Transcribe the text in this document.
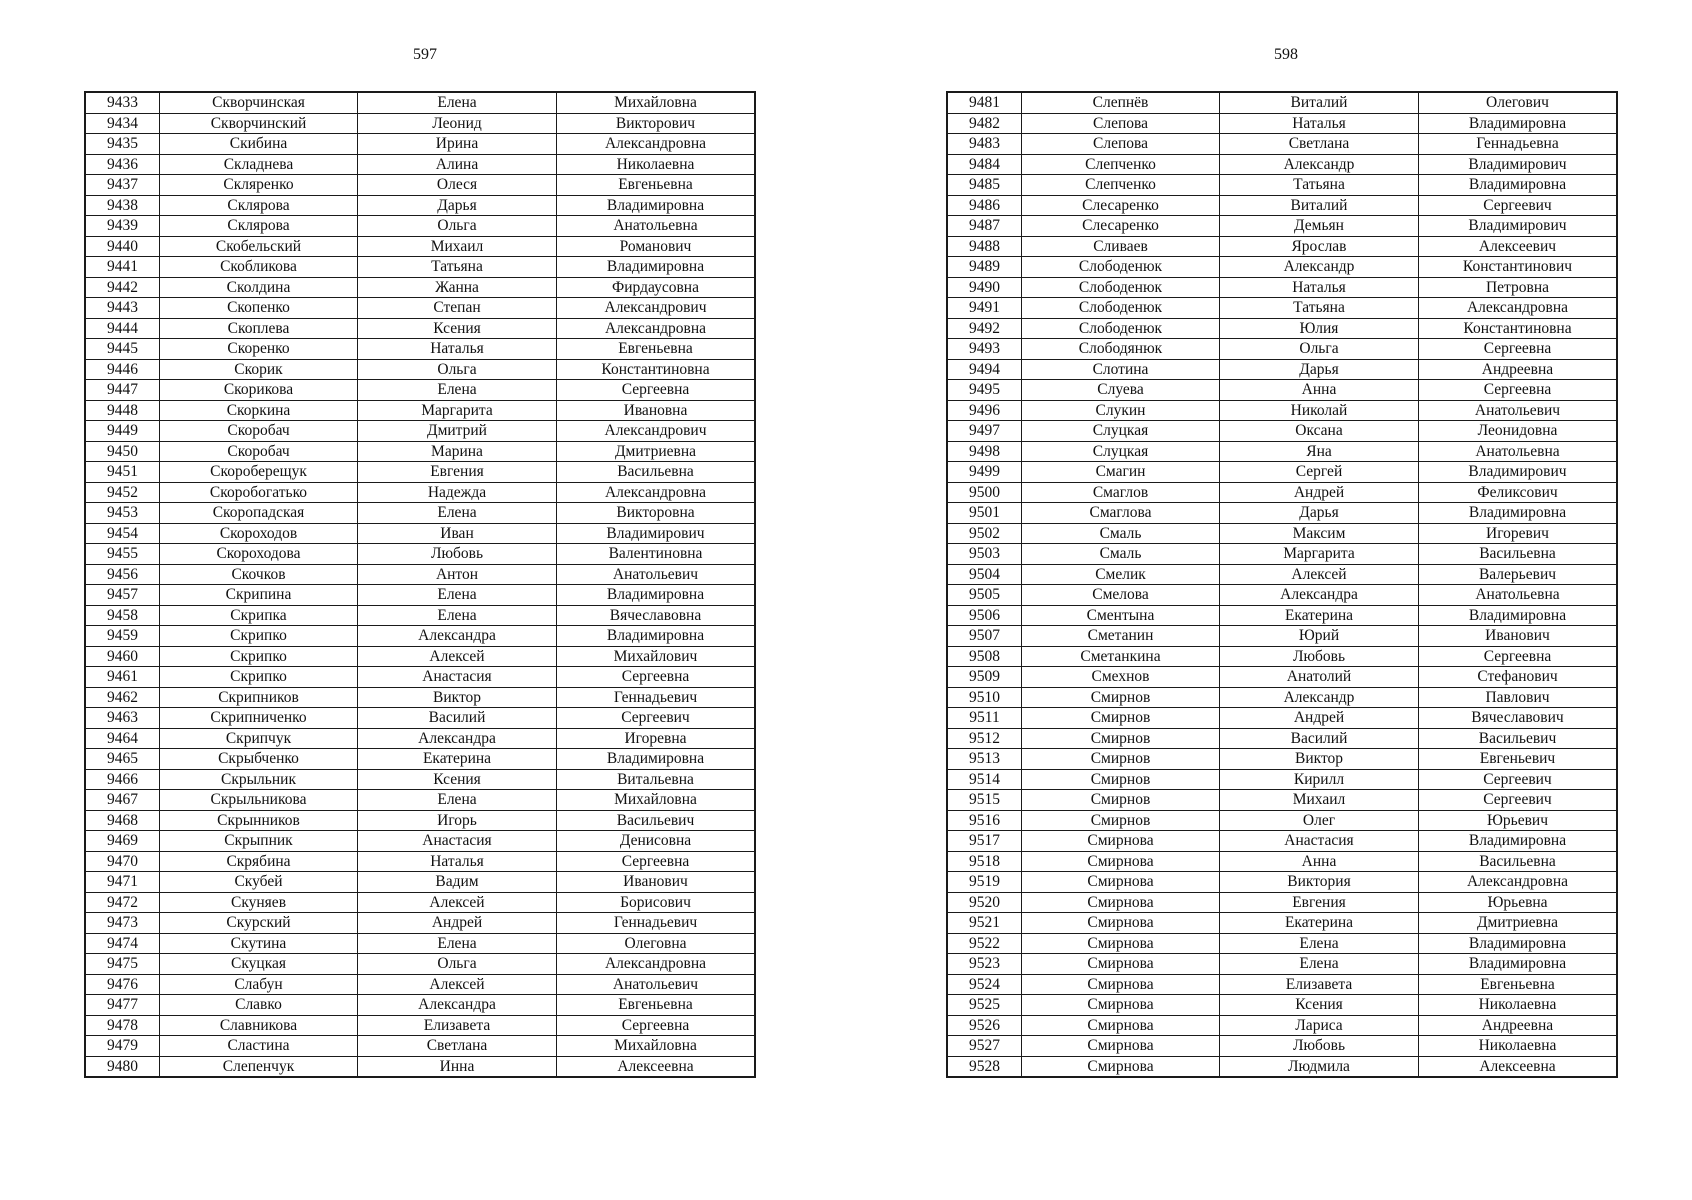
597	598
9433	Скворчинская	Елена	Михайловна
9434	Скворчинский	Леонид	Викторович
9435	Скибина	Ирина	Александровна
9436	Складнева	Алина	Николаевна
9437	Скляренко	Олеся	Евгеньевна
9438	Склярова	Дарья	Владимировна
9439	Склярова	Ольга	Анатольевна
9440	Скобельский	Михаил	Романович
9441	Скобликова	Татьяна	Владимировна
9442	Сколдина	Жанна	Фирдаусовна
9443	Скопенко	Степан	Александрович
9444	Скоплева	Ксения	Александровна
9445	Скоренко	Наталья	Евгеньевна
9446	Скорик	Ольга	Константиновна
9447	Скорикова	Елена	Сергеевна
9448	Скоркина	Маргарита	Ивановна
9449	Скоробач	Дмитрий	Александрович
9450	Скоробач	Марина	Дмитриевна
9451	Скороберещук	Евгения	Васильевна
9452	Скоробогатько	Надежда	Александровна
9453	Скоропадская	Елена	Викторовна
9454	Скороходов	Иван	Владимирович
9455	Скороходова	Любовь	Валентиновна
9456	Скочков	Антон	Анатольевич
9457	Скрипина	Елена	Владимировна
9458	Скрипка	Елена	Вячеславовна
9459	Скрипко	Александра	Владимировна
9460	Скрипко	Алексей	Михайлович
9461	Скрипко	Анастасия	Сергеевна
9462	Скрипников	Виктор	Геннадьевич
9463	Скрипниченко	Василий	Сергеевич
9464	Скрипчук	Александра	Игоревна
9465	Скрыбченко	Екатерина	Владимировна
9466	Скрыльник	Ксения	Витальевна
9467	Скрыльникова	Елена	Михайловна
9468	Скрынников	Игорь	Васильевич
9469	Скрыпник	Анастасия	Денисовна
9470	Скрябина	Наталья	Сергеевна
9471	Скубей	Вадим	Иванович
9472	Скуняев	Алексей	Борисович
9473	Скурский	Андрей	Геннадьевич
9474	Скутина	Елена	Олеговна
9475	Скуцкая	Ольга	Александровна
9476	Слабун	Алексей	Анатольевич
9477	Славко	Александра	Евгеньевна
9478	Славникова	Елизавета	Сергеевна
9479	Сластина	Светлана	Михайловна
9480	Слепенчук	Инна	Алексеевна
9481	Слепнёв	Виталий	Олегович
9482	Слепова	Наталья	Владимировна
9483	Слепова	Светлана	Геннадьевна
9484	Слепченко	Александр	Владимирович
9485	Слепченко	Татьяна	Владимировна
9486	Слесаренко	Виталий	Сергеевич
9487	Слесаренко	Демьян	Владимирович
9488	Сливаев	Ярослав	Алексеевич
9489	Слободенюк	Александр	Константинович
9490	Слободенюк	Наталья	Петровна
9491	Слободенюк	Татьяна	Александровна
9492	Слободенюк	Юлия	Константиновна
9493	Слободянюк	Ольга	Сергеевна
9494	Слотина	Дарья	Андреевна
9495	Слуева	Анна	Сергеевна
9496	Слукин	Николай	Анатольевич
9497	Слуцкая	Оксана	Леонидовна
9498	Слуцкая	Яна	Анатольевна
9499	Смагин	Сергей	Владимирович
9500	Смаглов	Андрей	Феликсович
9501	Смаглова	Дарья	Владимировна
9502	Смаль	Максим	Игоревич
9503	Смаль	Маргарита	Васильевна
9504	Смелик	Алексей	Валерьевич
9505	Смелова	Александра	Анатольевна
9506	Сментына	Екатерина	Владимировна
9507	Сметанин	Юрий	Иванович
9508	Сметанкина	Любовь	Сергеевна
9509	Смехнов	Анатолий	Стефанович
9510	Смирнов	Александр	Павлович
9511	Смирнов	Андрей	Вячеславович
9512	Смирнов	Василий	Васильевич
9513	Смирнов	Виктор	Евгеньевич
9514	Смирнов	Кирилл	Сергеевич
9515	Смирнов	Михаил	Сергеевич
9516	Смирнов	Олег	Юрьевич
9517	Смирнова	Анастасия	Владимировна
9518	Смирнова	Анна	Васильевна
9519	Смирнова	Виктория	Александровна
9520	Смирнова	Евгения	Юрьевна
9521	Смирнова	Екатерина	Дмитриевна
9522	Смирнова	Елена	Владимировна
9523	Смирнова	Елена	Владимировна
9524	Смирнова	Елизавета	Евгеньевна
9525	Смирнова	Ксения	Николаевна
9526	Смирнова	Лариса	Андреевна
9527	Смирнова	Любовь	Николаевна
9528	Смирнова	Людмила	Алексеевна
